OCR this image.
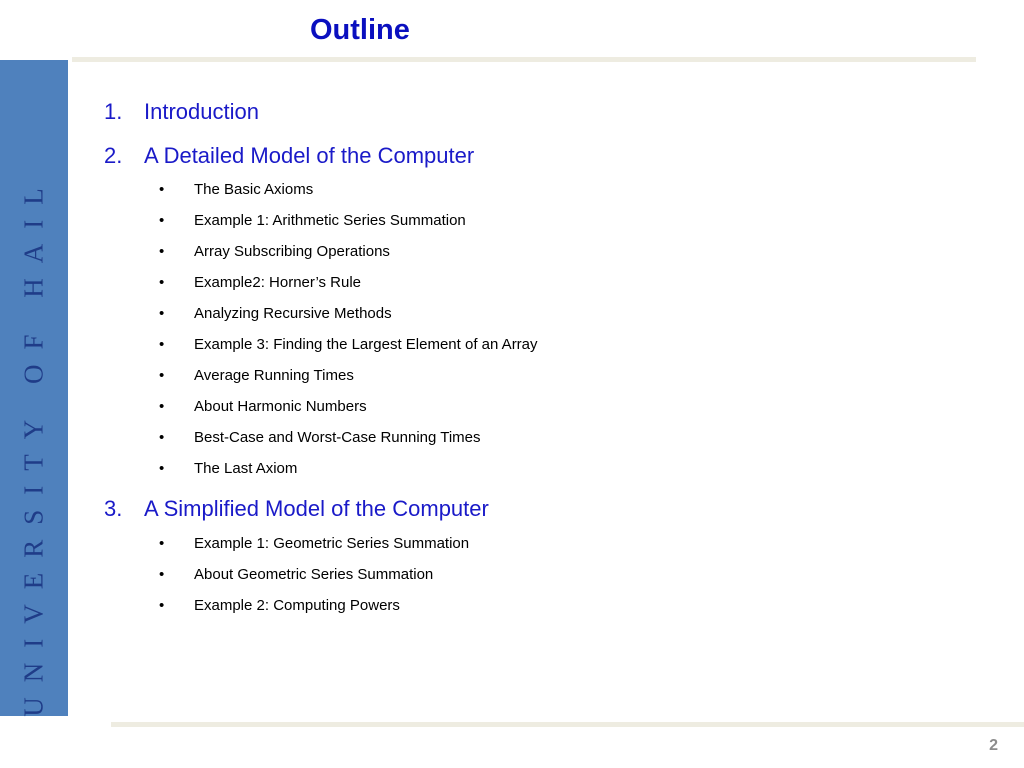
UNIVERSITY OF HAIL
Outline
1. Introduction
2. A Detailed Model of the Computer
• The Basic Axioms
• Example 1: Arithmetic Series Summation
• Array Subscribing Operations
• Example2: Horner’s Rule
• Analyzing Recursive Methods
• Example 3: Finding the Largest Element of an Array
• Average Running Times
• About Harmonic Numbers
• Best-Case and Worst-Case Running Times
• The Last Axiom
3. A Simplified Model of the Computer
• Example 1: Geometric Series Summation
• About Geometric Series Summation
• Example 2: Computing Powers
2
